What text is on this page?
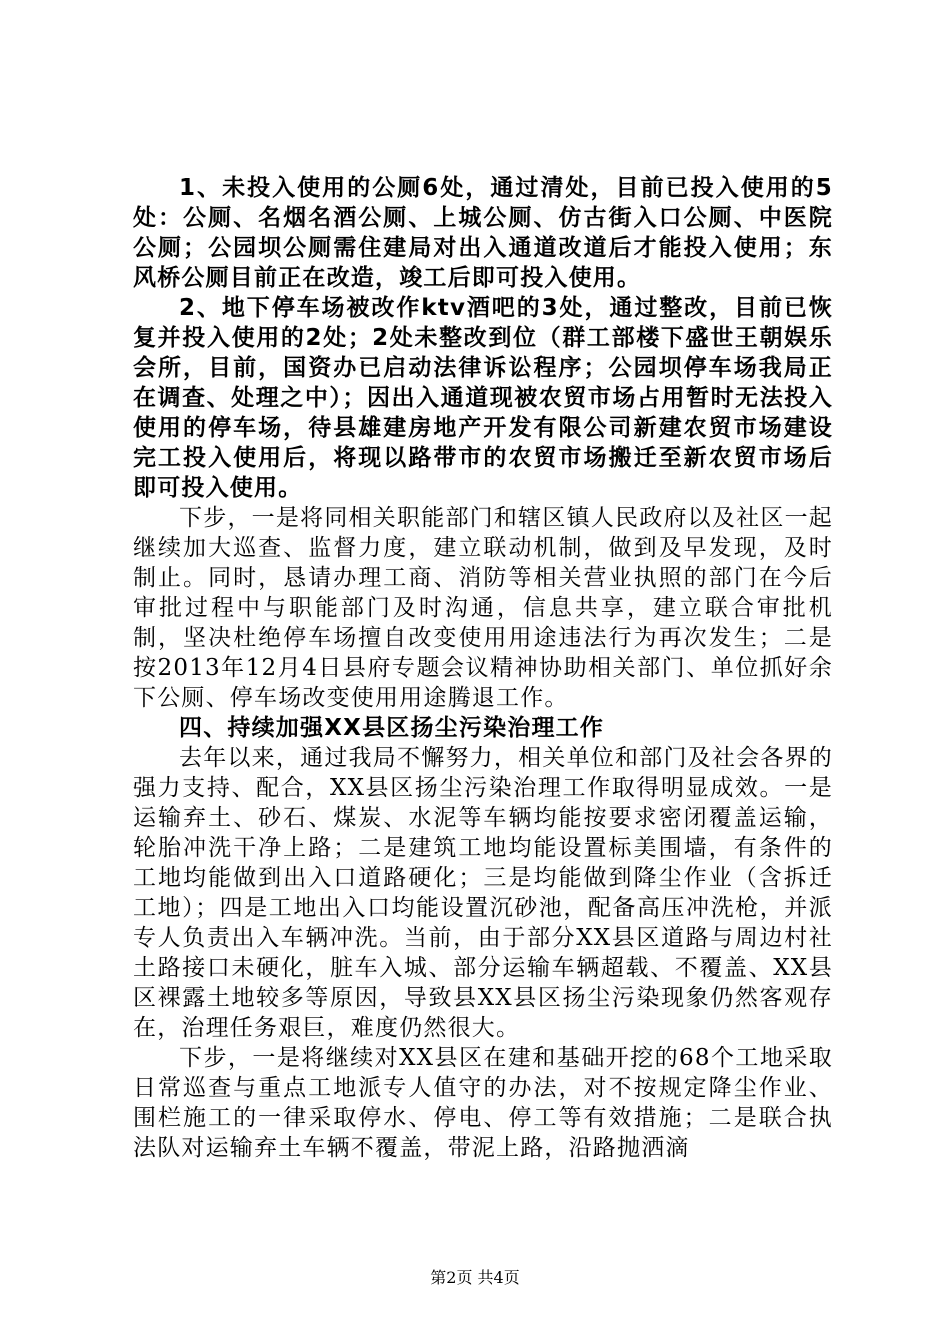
1、未投入使用的公厕6处，通过清处，目前已投入使用的5处：公厕、名烟名酒公厕、上城公厕、仿古街入口公厕、中医院公厕；公园坝公厕需住建局对出入通道改道后才能投入使用；东风桥公厕目前正在改造，竣工后即可投入使用。

2、地下停车场被改作ktv酒吧的3处，通过整改，目前已恢复并投入使用的2处；2处未整改到位（群工部楼下盛世王朝娱乐会所，目前，国资办已启动法律诉讼程序；公园坝停车场我局正在调查、处理之中）；因出入通道现被农贸市场占用暂时无法投入使用的停车场，待县雄建房地产开发有限公司新建农贸市场建设完工投入使用后，将现以路带市的农贸市场搬迁至新农贸市场后即可投入使用。

下步，一是将同相关职能部门和辖区镇人民政府以及社区一起继续加大巡查、监督力度，建立联动机制，做到及早发现，及时制止。同时，恳请办理工商、消防等相关营业执照的部门在今后审批过程中与职能部门及时沟通，信息共享，建立联合审批机制，坚决杜绝停车场擅自改变使用用途违法行为再次发生；二是按2013年12月4日县府专题会议精神协助相关部门、单位抓好余下公厕、停车场改变使用用途腾退工作。

四、持续加强XX县区扬尘污染治理工作

去年以来，通过我局不懈努力，相关单位和部门及社会各界的强力支持、配合，XX县区扬尘污染治理工作取得明显成效。一是运输弃土、砂石、煤炭、水泥等车辆均能按要求密闭覆盖运输，轮胎冲洗干净上路；二是建筑工地均能设置标美围墙，有条件的工地均能做到出入口道路硬化；三是均能做到降尘作业（含拆迁工地）；四是工地出入口均能设置沉砂池，配备高压冲洗枪，并派专人负责出入车辆冲洗。当前，由于部分XX县区道路与周边村社土路接口未硬化，脏车入城、部分运输车辆超载、不覆盖、XX县区裸露土地较多等原因，导致县XX县区扬尘污染现象仍然客观存在，治理任务艰巨，难度仍然很大。

下步，一是将继续对XX县区在建和基础开挖的68个工地采取日常巡查与重点工地派专人值守的办法，对不按规定降尘作业、围栏施工的一律采取停水、停电、停工等有效措施；二是联合执法队对运输弃土车辆不覆盖，带泥上路，沿路抛洒滴

第2页 共4页
